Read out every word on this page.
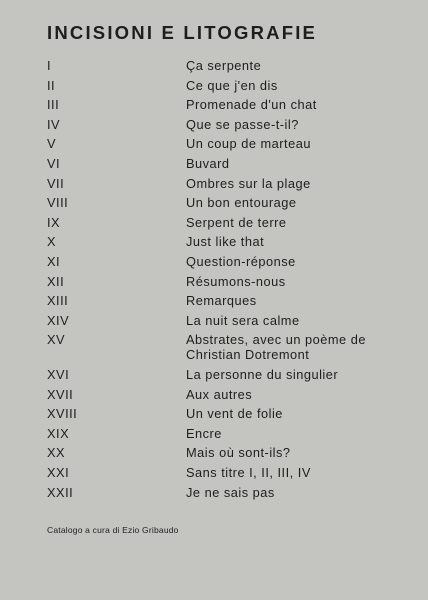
INCISIONI E LITOGRAFIE
I	Ça serpente
II	Ce que j'en dis
III	Promenade d'un chat
IV	Que se passe-t-il?
V	Un coup de marteau
VI	Buvard
VII	Ombres sur la plage
VIII	Un bon entourage
IX	Serpent de terre
X	Just like that
XI	Question-réponse
XII	Résumons-nous
XIII	Remarques
XIV	La nuit sera calme
XV	Abstrates, avec un poème de
Christian Dotremont
XVI	La personne du singulier
XVII	Aux autres
XVIII	Un vent de folie
XIX	Encre
XX	Mais où sont-ils?
XXI	Sans titre I, II, III, IV
XXII	Je ne sais pas

Catalogo a cura di Ezio Gribaudo
